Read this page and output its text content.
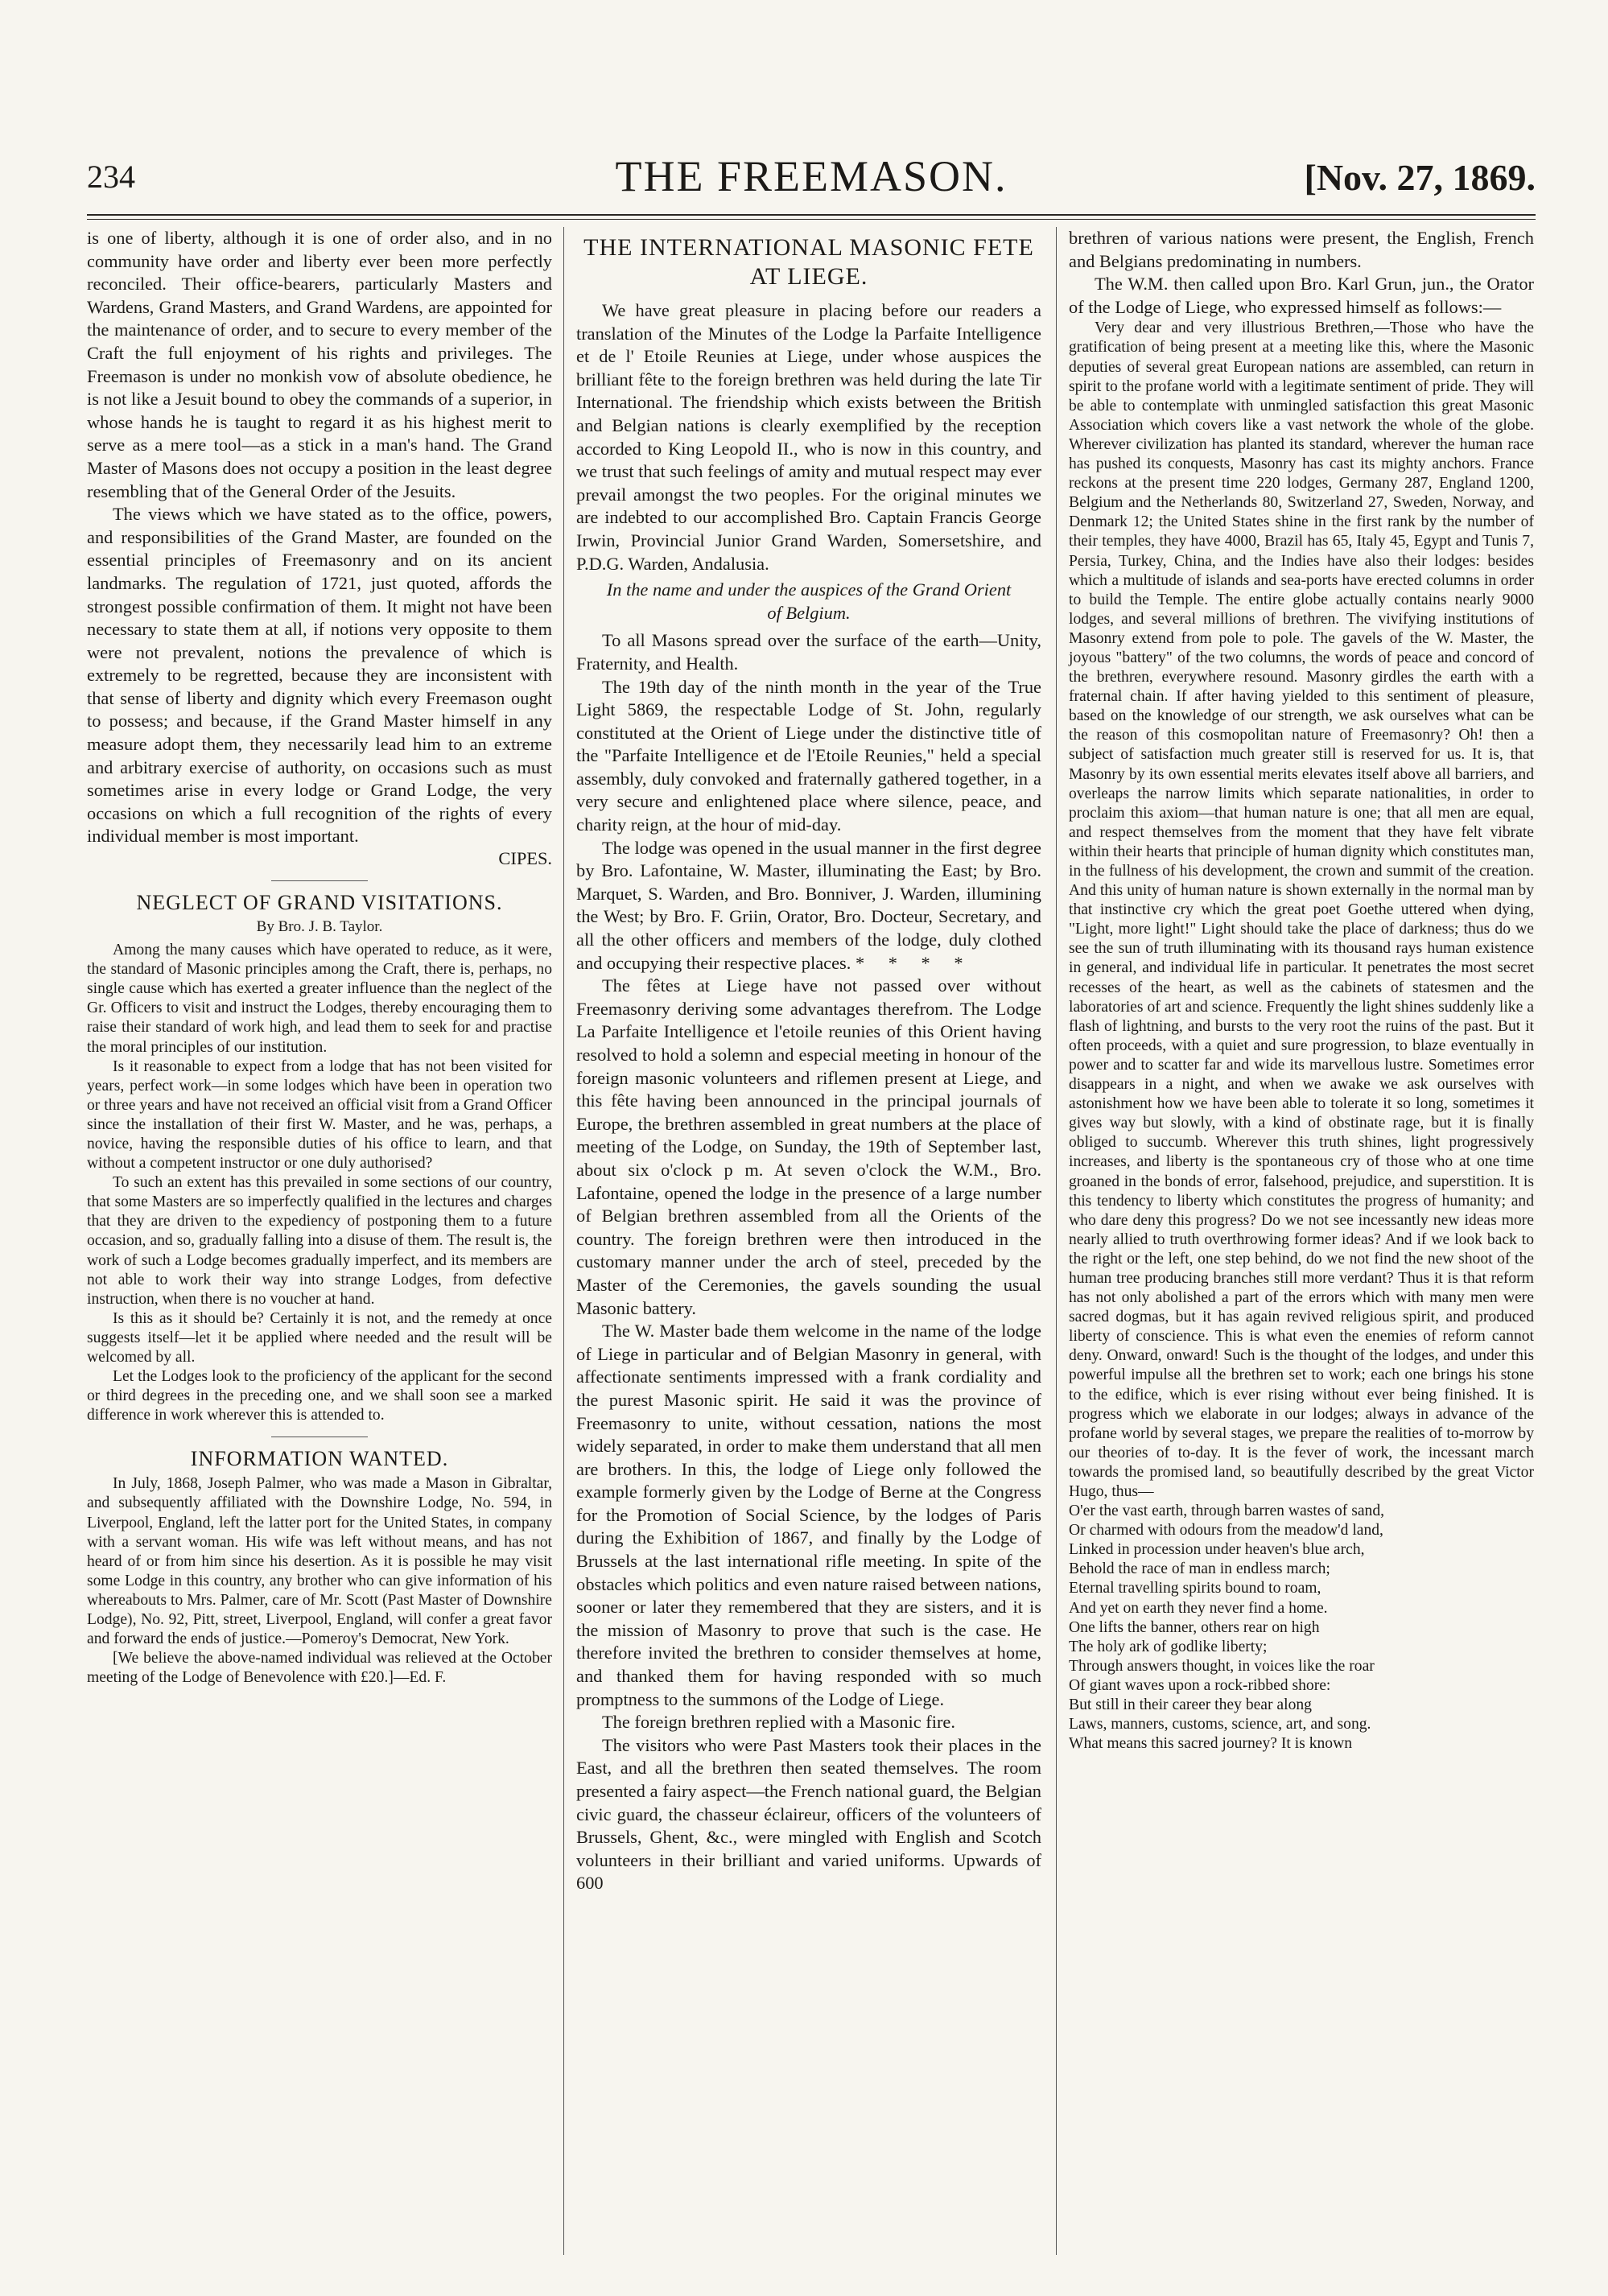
234	THE FREEMASON.	[Nov. 27, 1869.

is one of liberty, although it is one of order also, and in no community have order and liberty ever been more perfectly reconciled. Their office-bearers, particularly Masters and Wardens, Grand Masters, and Grand Wardens, are appointed for the maintenance of order, and to secure to every member of the Craft the full enjoyment of his rights and privileges. The Freemason is under no monkish vow of absolute obedience, he is not like a Jesuit bound to obey the commands of a superior, in whose hands he is taught to regard it as his highest merit to serve as a mere tool—as a stick in a man's hand. The Grand Master of Masons does not occupy a position in the least degree resembling that of the General Order of the Jesuits.

The views which we have stated as to the office, powers, and responsibilities of the Grand Master, are founded on the essential principles of Freemasonry and on its ancient landmarks. The regulation of 1721, just quoted, affords the strongest possible confirmation of them. It might not have been necessary to state them at all, if notions very opposite to them were not prevalent, notions the prevalence of which is extremely to be regretted, because they are inconsistent with that sense of liberty and dignity which every Freemason ought to possess; and because, if the Grand Master himself in any measure adopt them, they necessarily lead him to an extreme and arbitrary exercise of authority, on occasions such as must sometimes arise in every lodge or Grand Lodge, the very occasions on which a full recognition of the rights of every individual member is most important.

CIPES.
NEGLECT OF GRAND VISITATIONS.
By Bro. J. B. Taylor.

Among the many causes which have operated to reduce, as it were, the standard of Masonic principles among the Craft, there is, perhaps, no single cause which has exerted a greater influence than the neglect of the Gr. Officers to visit and instruct the Lodges, thereby encouraging them to raise their standard of work high, and lead them to seek for and practise the moral principles of our institution.

Is it reasonable to expect from a lodge that has not been visited for years, perfect work—in some lodges which have been in operation two or three years and have not received an official visit from a Grand Officer since the installation of their first W. Master, and he was, perhaps, a novice, having the responsible duties of his office to learn, and that without a competent instructor or one duly authorised?

To such an extent has this prevailed in some sections of our country, that some Masters are so imperfectly qualified in the lectures and charges that they are driven to the expediency of postponing them to a future occasion, and so, gradually falling into a disuse of them. The result is, the work of such a Lodge becomes gradually imperfect, and its members are not able to work their way into strange Lodges, from defective instruction, when there is no voucher at hand.

Is this as it should be? Certainly it is not, and the remedy at once suggests itself—let it be applied where needed and the result will be welcomed by all.

Let the Lodges look to the proficiency of the applicant for the second or third degrees in the preceding one, and we shall soon see a marked difference in work wherever this is attended to.

INFORMATION WANTED.

In July, 1868, Joseph Palmer, who was made a Mason in Gibraltar, and subsequently affiliated with the Downshire Lodge, No. 594, in Liverpool, England, left the latter port for the United States, in company with a servant woman. His wife was left without means, and has not heard of or from him since his desertion. As it is possible he may visit some Lodge in this country, any brother who can give information of his whereabouts to Mrs. Palmer, care of Mr. Scott (Past Master of Downshire Lodge), No. 92, Pitt, street, Liverpool, England, will confer a great favor and forward the ends of justice.—Pomeroy's Democrat, New York.

[We believe the above-named individual was relieved at the October meeting of the Lodge of Benevolence with £20.]—Ed. F.

THE INTERNATIONAL MASONIC FETE AT LIEGE.

We have great pleasure in placing before our readers a translation of the Minutes of the Lodge la Parfaite Intelligence et de l' Etoile Reunies at Liege, under whose auspices the brilliant fête to the foreign brethren was held during the late Tir International. The friendship which exists between the British and Belgian nations is clearly exemplified by the reception accorded to King Leopold II., who is now in this country, and we trust that such feelings of amity and mutual respect may ever prevail amongst the two peoples. For the original minutes we are indebted to our accomplished Bro. Captain Francis George Irwin, Provincial Junior Grand Warden, Somersetshire, and P.D.G. Warden, Andalusia.

In the name and under the auspices of the Grand Orient of Belgium.

To all Masons spread over the surface of the earth—Unity, Fraternity, and Health.

The 19th day of the ninth month in the year of the True Light 5869, the respectable Lodge of St. John, regularly constituted at the Orient of Liege under the distinctive title of the "Parfaite Intelligence et de l'Etoile Reunies," held a special assembly, duly convoked and fraternally gathered together, in a very secure and enlightened place where silence, peace, and charity reign, at the hour of mid-day.

The lodge was opened in the usual manner in the first degree by Bro. Lafontaine, W. Master, illuminating the East; by Bro. Marquet, S. Warden, and Bro. Bonniver, J. Warden, illumining the West; by Bro. F. Griin, Orator, Bro. Docteur, Secretary, and all the other officers and members of the lodge, duly clothed and occupying their respective places. * * * *

The fêtes at Liege have not passed over without Freemasonry deriving some advantages therefrom. The Lodge La Parfaite Intelligence et l'etoile reunies of this Orient having resolved to hold a solemn and especial meeting in honour of the foreign masonic volunteers and riflemen present at Liege, and this fête having been announced in the principal journals of Europe, the brethren assembled in great numbers at the place of meeting of the Lodge, on Sunday, the 19th of September last, about six o'clock p m. At seven o'clock the W.M., Bro. Lafontaine, opened the lodge in the presence of a large number of Belgian brethren assembled from all the Orients of the country. The foreign brethren were then introduced in the customary manner under the arch of steel, preceded by the Master of the Ceremonies, the gavels sounding the usual Masonic battery.

The W. Master bade them welcome in the name of the lodge of Liege in particular and of Belgian Masonry in general, with affectionate sentiments impressed with a frank cordiality and the purest Masonic spirit. He said it was the province of Freemasonry to unite, without cessation, nations the most widely separated, in order to make them understand that all men are brothers. In this, the lodge of Liege only followed the example formerly given by the Lodge of Berne at the Congress for the Promotion of Social Science, by the lodges of Paris during the Exhibition of 1867, and finally by the Lodge of Brussels at the last international rifle meeting. In spite of the obstacles which politics and even nature raised between nations, sooner or later they remembered that they are sisters, and it is the mission of Masonry to prove that such is the case. He therefore invited the brethren to consider themselves at home, and thanked them for having responded with so much promptness to the summons of the Lodge of Liege.

The foreign brethren replied with a Masonic fire.

The visitors who were Past Masters took their places in the East, and all the brethren then seated themselves. The room presented a fairy aspect—the French national guard, the Belgian civic guard, the chasseur éclaireur, officers of the volunteers of Brussels, Ghent, &c., were mingled with English and Scotch volunteers in their brilliant and varied uniforms. Upwards of 600

brethren of various nations were present, the English, French and Belgians predominating in numbers.

The W.M. then called upon Bro. Karl Grun, jun., the Orator of the Lodge of Liege, who expressed himself as follows:—

Very dear and very illustrious Brethren,—Those who have the gratification of being present at a meeting like this, where the Masonic deputies of several great European nations are assembled, can return in spirit to the profane world with a legitimate sentiment of pride. They will be able to contemplate with unmingled satisfaction this great Masonic Association which covers like a vast network the whole of the globe. Wherever civilization has planted its standard, wherever the human race has pushed its conquests, Masonry has cast its mighty anchors. France reckons at the present time 220 lodges, Germany 287, England 1200, Belgium and the Netherlands 80, Switzerland 27, Sweden, Norway, and Denmark 12; the United States shine in the first rank by the number of their temples, they have 4000, Brazil has 65, Italy 45, Egypt and Tunis 7, Persia, Turkey, China, and the Indies have also their lodges: besides which a multitude of islands and sea-ports have erected columns in order to build the Temple. The entire globe actually contains nearly 9000 lodges, and several millions of brethren. The vivifying institutions of Masonry extend from pole to pole. The gavels of the W. Master, the joyous "battery" of the two columns, the words of peace and concord of the brethren, everywhere resound. Masonry girdles the earth with a fraternal chain. If after having yielded to this sentiment of pleasure, based on the knowledge of our strength, we ask ourselves what can be the reason of this cosmopolitan nature of Freemasonry? Oh! then a subject of satisfaction much greater still is reserved for us. It is, that Masonry by its own essential merits elevates itself above all barriers, and overleaps the narrow limits which separate nationalities, in order to proclaim this axiom—that human nature is one; that all men are equal, and respect themselves from the moment that they have felt vibrate within their hearts that principle of human dignity which constitutes man, in the fullness of his development, the crown and summit of the creation. And this unity of human nature is shown externally in the normal man by that instinctive cry which the great poet Goethe uttered when dying, "Light, more light!" Light should take the place of darkness; thus do we see the sun of truth illuminating with its thousand rays human existence in general, and individual life in particular. It penetrates the most secret recesses of the heart, as well as the cabinets of statesmen and the laboratories of art and science. Frequently the light shines suddenly like a flash of lightning, and bursts to the very root the ruins of the past. But it often proceeds, with a quiet and sure progression, to blaze eventually in power and to scatter far and wide its marvellous lustre. Sometimes error disappears in a night, and when we awake we ask ourselves with astonishment how we have been able to tolerate it so long, sometimes it gives way but slowly, with a kind of obstinate rage, but it is finally obliged to succumb. Wherever this truth shines, light progressively increases, and liberty is the spontaneous cry of those who at one time groaned in the bonds of error, falsehood, prejudice, and superstition. It is this tendency to liberty which constitutes the progress of humanity; and who dare deny this progress? Do we not see incessantly new ideas more nearly allied to truth overthrowing former ideas? And if we look back to the right or the left, one step behind, do we not find the new shoot of the human tree producing branches still more verdant? Thus it is that reform has not only abolished a part of the errors which with many men were sacred dogmas, but it has again revived religious spirit, and produced liberty of conscience. This is what even the enemies of reform cannot deny. Onward, onward! Such is the thought of the lodges, and under this powerful impulse all the brethren set to work; each one brings his stone to the edifice, which is ever rising without ever being finished. It is progress which we elaborate in our lodges; always in advance of the profane world by several stages, we prepare the realities of to-morrow by our theories of to-day. It is the fever of work, the incessant march towards the promised land, so beautifully described by the great Victor Hugo, thus—

O'er the vast earth, through barren wastes of sand,
Or charmed with odours from the meadow'd land,
Linked in procession under heaven's blue arch,
Behold the race of man in endless march;
Eternal travelling spirits bound to roam,
And yet on earth they never find a home.
One lifts the banner, others rear on high
The holy ark of godlike liberty;
Through answers thought, in voices like the roar
Of giant waves upon a rock-ribbed shore:
But still in their career they bear along
Laws, manners, customs, science, art, and song.
What means this sacred journey? It is known
